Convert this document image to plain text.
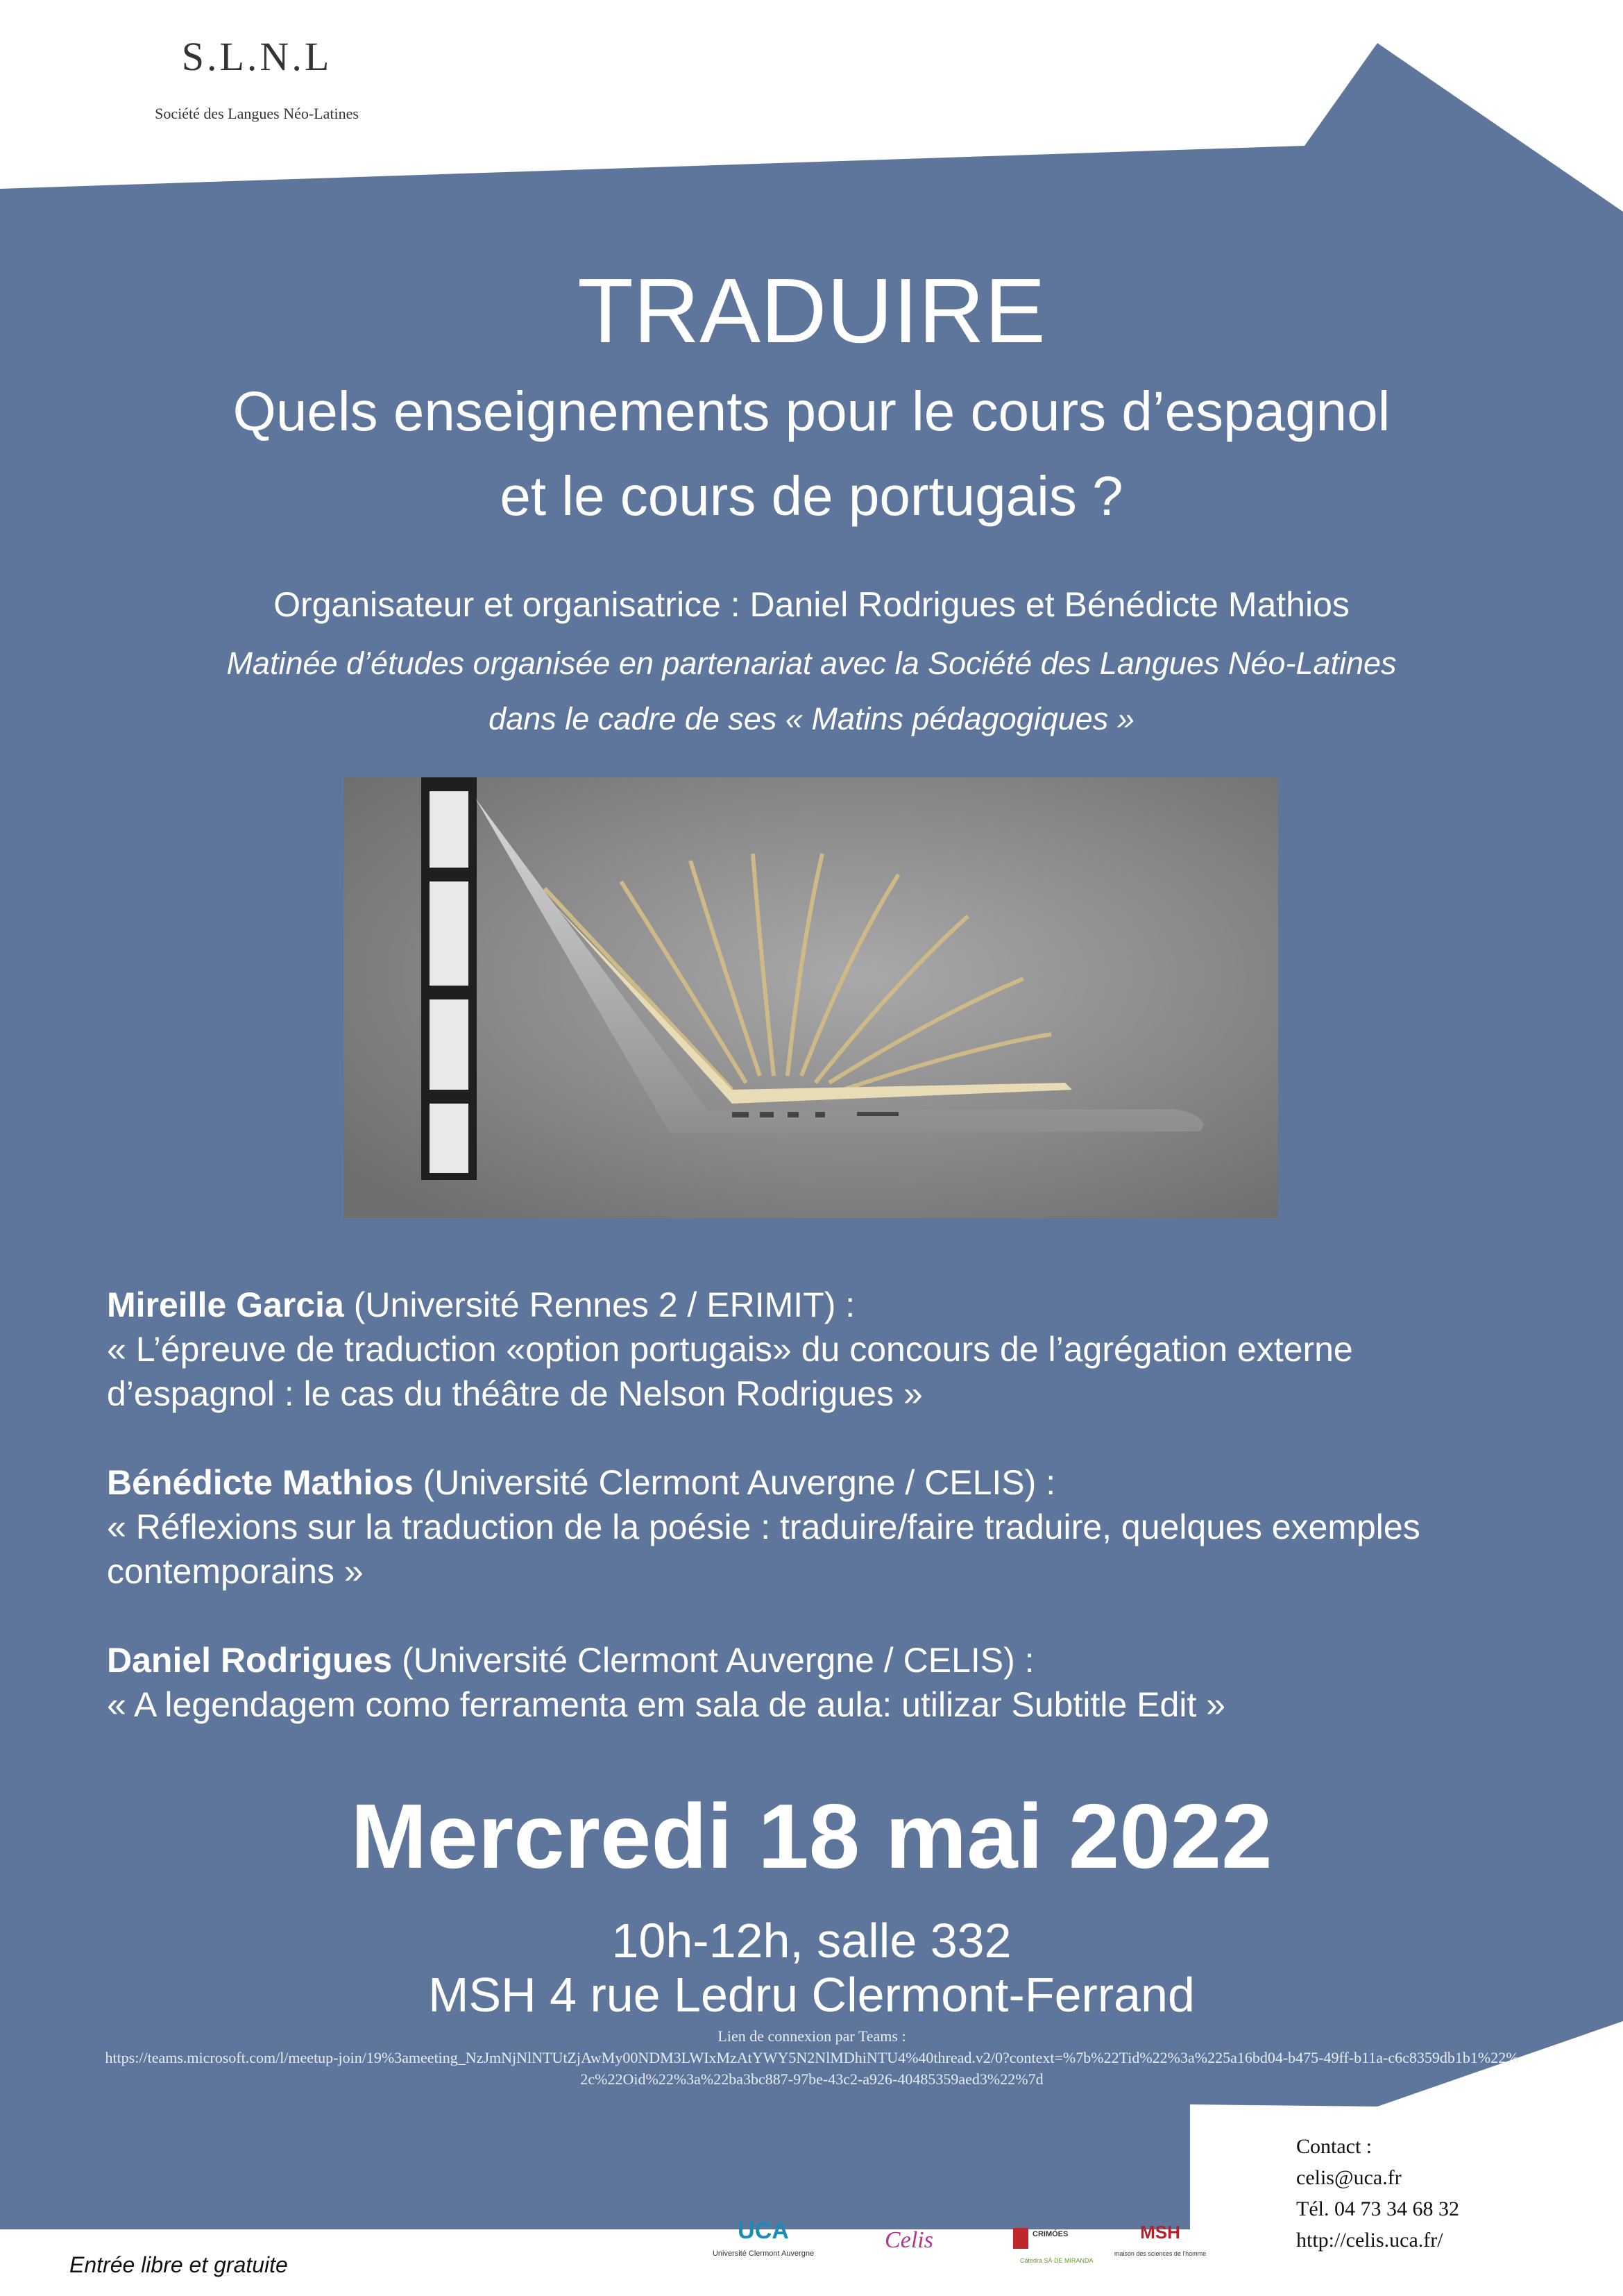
S.L.N.L
Société des Langues Néo-Latines
TRADUIRE
Quels enseignements pour le cours d’espagnol
et le cours de portugais ?
Organisateur et organisatrice : Daniel Rodrigues et Bénédicte Mathios
Matinée d’études organisée en partenariat avec la Société des Langues Néo-Latines
dans le cadre de ses « Matins pédagogiques »
Mireille Garcia (Université Rennes 2 / ERIMIT) :
« L’épreuve de traduction «option portugais» du concours de l’agrégation externe d’espagnol : le cas du théâtre de Nelson Rodrigues »
Bénédicte Mathios (Université Clermont Auvergne / CELIS) :
« Réflexions sur la traduction de la poésie : traduire/faire traduire, quelques exemples contemporains »
Daniel Rodrigues (Université Clermont Auvergne / CELIS) :
« A legendagem como ferramenta em sala de aula: utilizar Subtitle Edit »
Mercredi 18 mai 2022
10h-12h, salle 332
MSH 4 rue Ledru Clermont-Ferrand
Lien de connexion par Teams :
https://teams.microsoft.com/l/meetup-join/19%3ameeting_NzJmNjNlNTUtZjAwMy00NDM3LWIxMzAtYWY5N2NlMDhiNTU4%40thread.v2/0?context=%7b%22Tid%22%3a%225a16bd04-b475-49ff-b11a-c6c8359db1b1%22%2c%22Oid%22%3a%22ba3bc887-97be-43c2-a926-40485359aed3%22%7d
Entrée libre et gratuite
UCA
Université Clermont Auvergne
Celis	CRIMÓES
Cátedra SÁ DE MIRANDA
MSH
maison des sciences de l'homme
Contact :
celis@uca.fr
Tél. 04 73 34 68 32
http://celis.uca.fr/
